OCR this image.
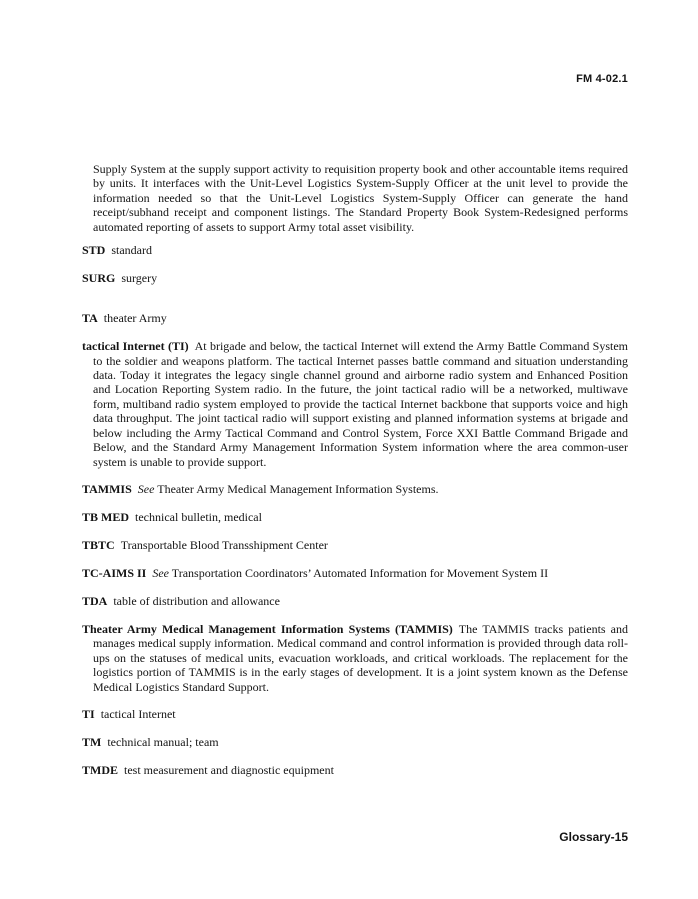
FM 4-02.1

Supply System at the supply support activity to requisition property book and other accountable items required by units. It interfaces with the Unit-Level Logistics System-Supply Officer at the unit level to provide the information needed so that the Unit-Level Logistics System-Supply Officer can generate the hand receipt/subhand receipt and component listings. The Standard Property Book System-Redesigned performs automated reporting of assets to support Army total asset visibility.

STD standard

SURG surgery

TA theater Army

tactical Internet (TI) At brigade and below, the tactical Internet will extend the Army Battle Command System to the soldier and weapons platform. The tactical Internet passes battle command and situation understanding data. Today it integrates the legacy single channel ground and airborne radio system and Enhanced Position and Location Reporting System radio. In the future, the joint tactical radio will be a networked, multiwave form, multiband radio system employed to provide the tactical Internet backbone that supports voice and high data throughput. The joint tactical radio will support existing and planned information systems at brigade and below including the Army Tactical Command and Control System, Force XXI Battle Command Brigade and Below, and the Standard Army Management Information System information where the area common-user system is unable to provide support.

TAMMIS See Theater Army Medical Management Information Systems.

TB MED technical bulletin, medical

TBTC Transportable Blood Transshipment Center

TC-AIMS II See Transportation Coordinators’ Automated Information for Movement System II

TDA table of distribution and allowance

Theater Army Medical Management Information Systems (TAMMIS) The TAMMIS tracks patients and manages medical supply information. Medical command and control information is provided through data roll-ups on the statuses of medical units, evacuation workloads, and critical workloads. The replacement for the logistics portion of TAMMIS is in the early stages of development. It is a joint system known as the Defense Medical Logistics Standard Support.

TI tactical Internet

TM technical manual; team

TMDE test measurement and diagnostic equipment

Glossary-15
